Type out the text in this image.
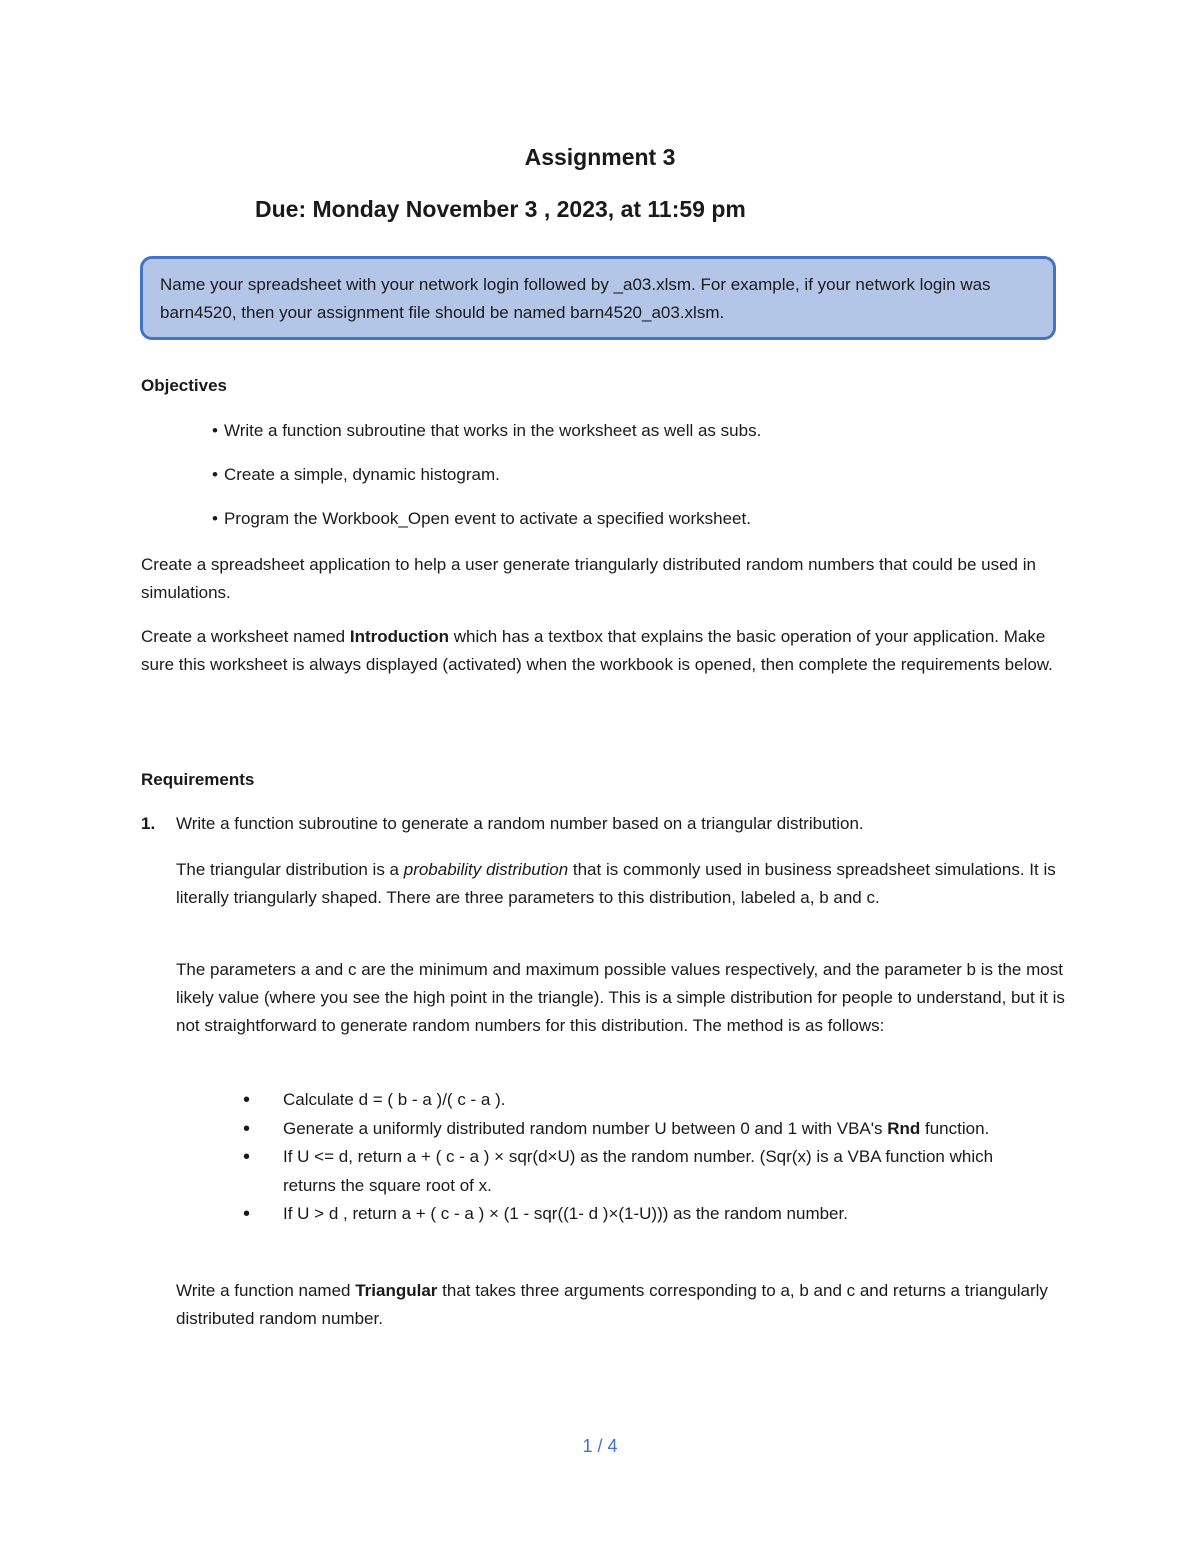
Assignment 3
Due: Monday November 3 , 2023, at 11:59 pm
Name your spreadsheet with your network login followed by _a03.xlsm. For example, if your network login was barn4520, then your assignment file should be named barn4520_a03.xlsm.
Objectives
• Write a function subroutine that works in the worksheet as well as subs.
• Create a simple, dynamic histogram.
• Program the Workbook_Open event to activate a specified worksheet.
Create a spreadsheet application to help a user generate triangularly distributed random numbers that could be used in simulations.
Create a worksheet named Introduction which has a textbox that explains the basic operation of your application. Make sure this worksheet is always displayed (activated) when the workbook is opened, then complete the requirements below.
Requirements
1. Write a function subroutine to generate a random number based on a triangular distribution.
The triangular distribution is a probability distribution that is commonly used in business spreadsheet simulations. It is literally triangularly shaped. There are three parameters to this distribution, labeled a, b and c.
The parameters a and c are the minimum and maximum possible values respectively, and the parameter b is the most likely value (where you see the high point in the triangle). This is a simple distribution for people to understand, but it is not straightforward to generate random numbers for this distribution. The method is as follows:
• Calculate d = ( b - a )/( c - a ).
• Generate a uniformly distributed random number U between 0 and 1 with VBA's Rnd function.
• If U <= d, return a + ( c - a ) × sqr(d×U) as the random number. (Sqr(x) is a VBA function which returns the square root of x.
• If U > d , return a + ( c - a ) × (1 - sqr((1- d )×(1-U))) as the random number.
Write a function named Triangular that takes three arguments corresponding to a, b and c and returns a triangularly distributed random number.
1 / 4
